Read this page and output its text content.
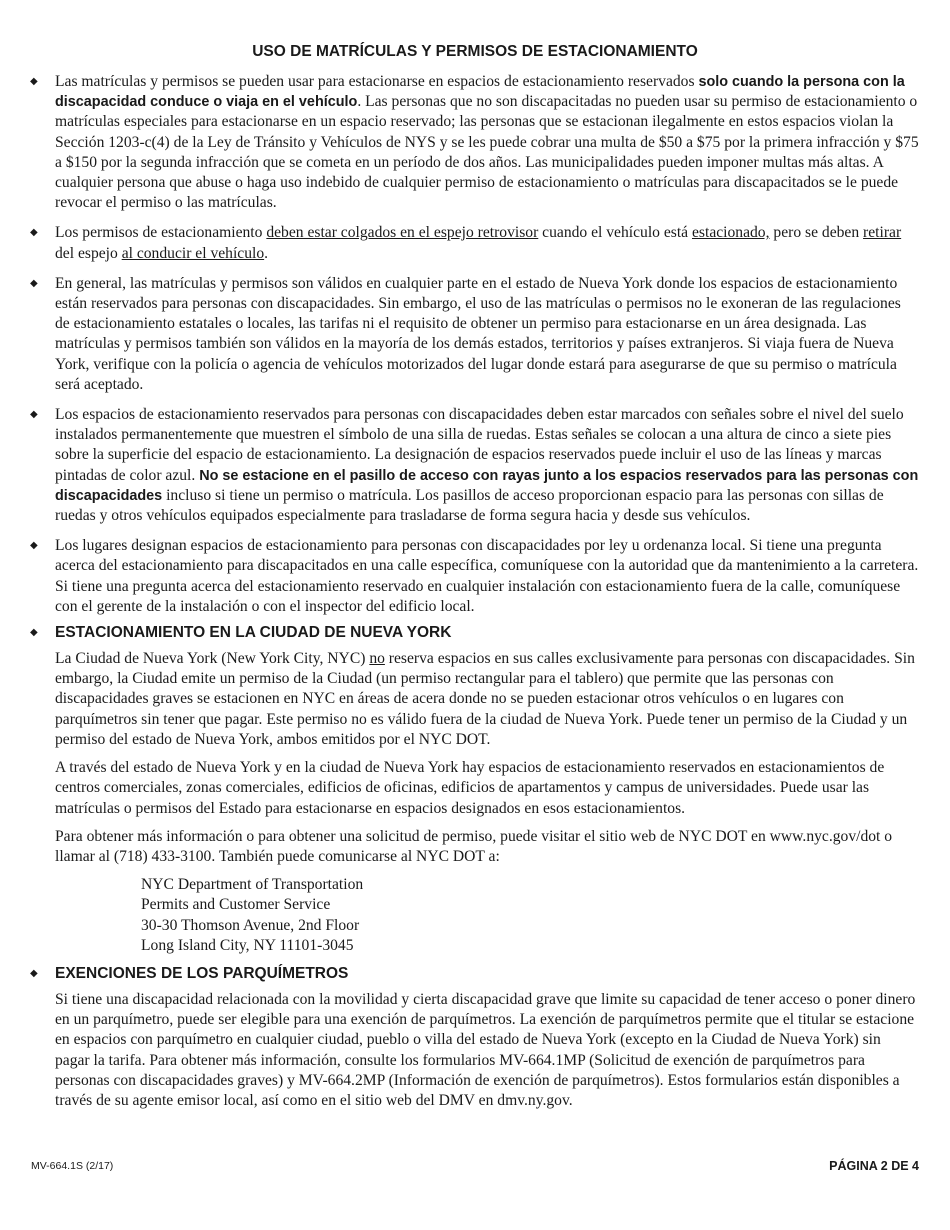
USO DE MATRÍCULAS Y PERMISOS DE ESTACIONAMIENTO
◆ Las matrículas y permisos se pueden usar para estacionarse en espacios de estacionamiento reservados solo cuando la persona con la discapacidad conduce o viaja en el vehículo. Las personas que no son discapacitadas no pueden usar su permiso de estacionamiento o matrículas especiales para estacionarse en un espacio reservado; las personas que se estacionan ilegalmente en estos espacios violan la Sección 1203-c(4) de la Ley de Tránsito y Vehículos de NYS y se les puede cobrar una multa de $50 a $75 por la primera infracción y $75 a $150 por la segunda infracción que se cometa en un período de dos años. Las municipalidades pueden imponer multas más altas. A cualquier persona que abuse o haga uso indebido de cualquier permiso de estacionamiento o matrículas para discapacitados se le puede revocar el permiso o las matrículas.

◆ Los permisos de estacionamiento deben estar colgados en el espejo retrovisor cuando el vehículo está estacionado, pero se deben retirar del espejo al conducir el vehículo.

◆ En general, las matrículas y permisos son válidos en cualquier parte en el estado de Nueva York donde los espacios de estacionamiento están reservados para personas con discapacidades. Sin embargo, el uso de las matrículas o permisos no le exoneran de las regulaciones de estacionamiento estatales o locales, las tarifas ni el requisito de obtener un permiso para estacionarse en un área designada. Las matrículas y permisos también son válidos en la mayoría de los demás estados, territorios y países extranjeros. Si viaja fuera de Nueva York, verifique con la policía o agencia de vehículos motorizados del lugar donde estará para asegurarse de que su permiso o matrícula será aceptado.

◆ Los espacios de estacionamiento reservados para personas con discapacidades deben estar marcados con señales sobre el nivel del suelo instalados permanentemente que muestren el símbolo de una silla de ruedas. Estas señales se colocan a una altura de cinco a siete pies sobre la superficie del espacio de estacionamiento. La designación de espacios reservados puede incluir el uso de las líneas y marcas pintadas de color azul. No se estacione en el pasillo de acceso con rayas junto a los espacios reservados para las personas con discapacidades incluso si tiene un permiso o matrícula. Los pasillos de acceso proporcionan espacio para las personas con sillas de ruedas y otros vehículos equipados especialmente para trasladarse de forma segura hacia y desde sus vehículos.

◆ Los lugares designan espacios de estacionamiento para personas con discapacidades por ley u ordenanza local. Si tiene una pregunta acerca del estacionamiento para discapacitados en una calle específica, comuníquese con la autoridad que da mantenimiento a la carretera. Si tiene una pregunta acerca del estacionamiento reservado en cualquier instalación con estacionamiento fuera de la calle, comuníquese con el gerente de la instalación o con el inspector del edificio local.

◆ ESTACIONAMIENTO EN LA CIUDAD DE NUEVA YORK

La Ciudad de Nueva York (New York City, NYC) no reserva espacios en sus calles exclusivamente para personas con discapacidades. Sin embargo, la Ciudad emite un permiso de la Ciudad (un permiso rectangular para el tablero) que permite que las personas con discapacidades graves se estacionen en NYC en áreas de acera donde no se pueden estacionar otros vehículos o en lugares con parquímetros sin tener que pagar. Este permiso no es válido fuera de la ciudad de Nueva York. Puede tener un permiso de la Ciudad y un permiso del estado de Nueva York, ambos emitidos por el NYC DOT.

A través del estado de Nueva York y en la ciudad de Nueva York hay espacios de estacionamiento reservados en estacionamientos de centros comerciales, zonas comerciales, edificios de oficinas, edificios de apartamentos y campus de universidades. Puede usar las matrículas o permisos del Estado para estacionarse en espacios designados en esos estacionamientos.

Para obtener más información o para obtener una solicitud de permiso, puede visitar el sitio web de NYC DOT en www.nyc.gov/dot o llamar al (718) 433-3100. También puede comunicarse al NYC DOT a:

NYC Department of Transportation
Permits and Customer Service
30-30 Thomson Avenue, 2nd Floor
Long Island City, NY 11101-3045
◆ EXENCIONES DE LOS PARQUÍMETROS

Si tiene una discapacidad relacionada con la movilidad y cierta discapacidad grave que limite su capacidad de tener acceso o poner dinero en un parquímetro, puede ser elegible para una exención de parquímetros. La exención de parquímetros permite que el titular se estacione en espacios con parquímetro en cualquier ciudad, pueblo o villa del estado de Nueva York (excepto en la Ciudad de Nueva York) sin pagar la tarifa. Para obtener más información, consulte los formularios MV-664.1MP (Solicitud de exención de parquímetros para personas con discapacidades graves) y MV-664.2MP (Información de exención de parquímetros). Estos formularios están disponibles a través de su agente emisor local, así como en el sitio web del DMV en dmv.ny.gov.

MV-664.1S (2/17)	PÁGINA 2 DE 4
